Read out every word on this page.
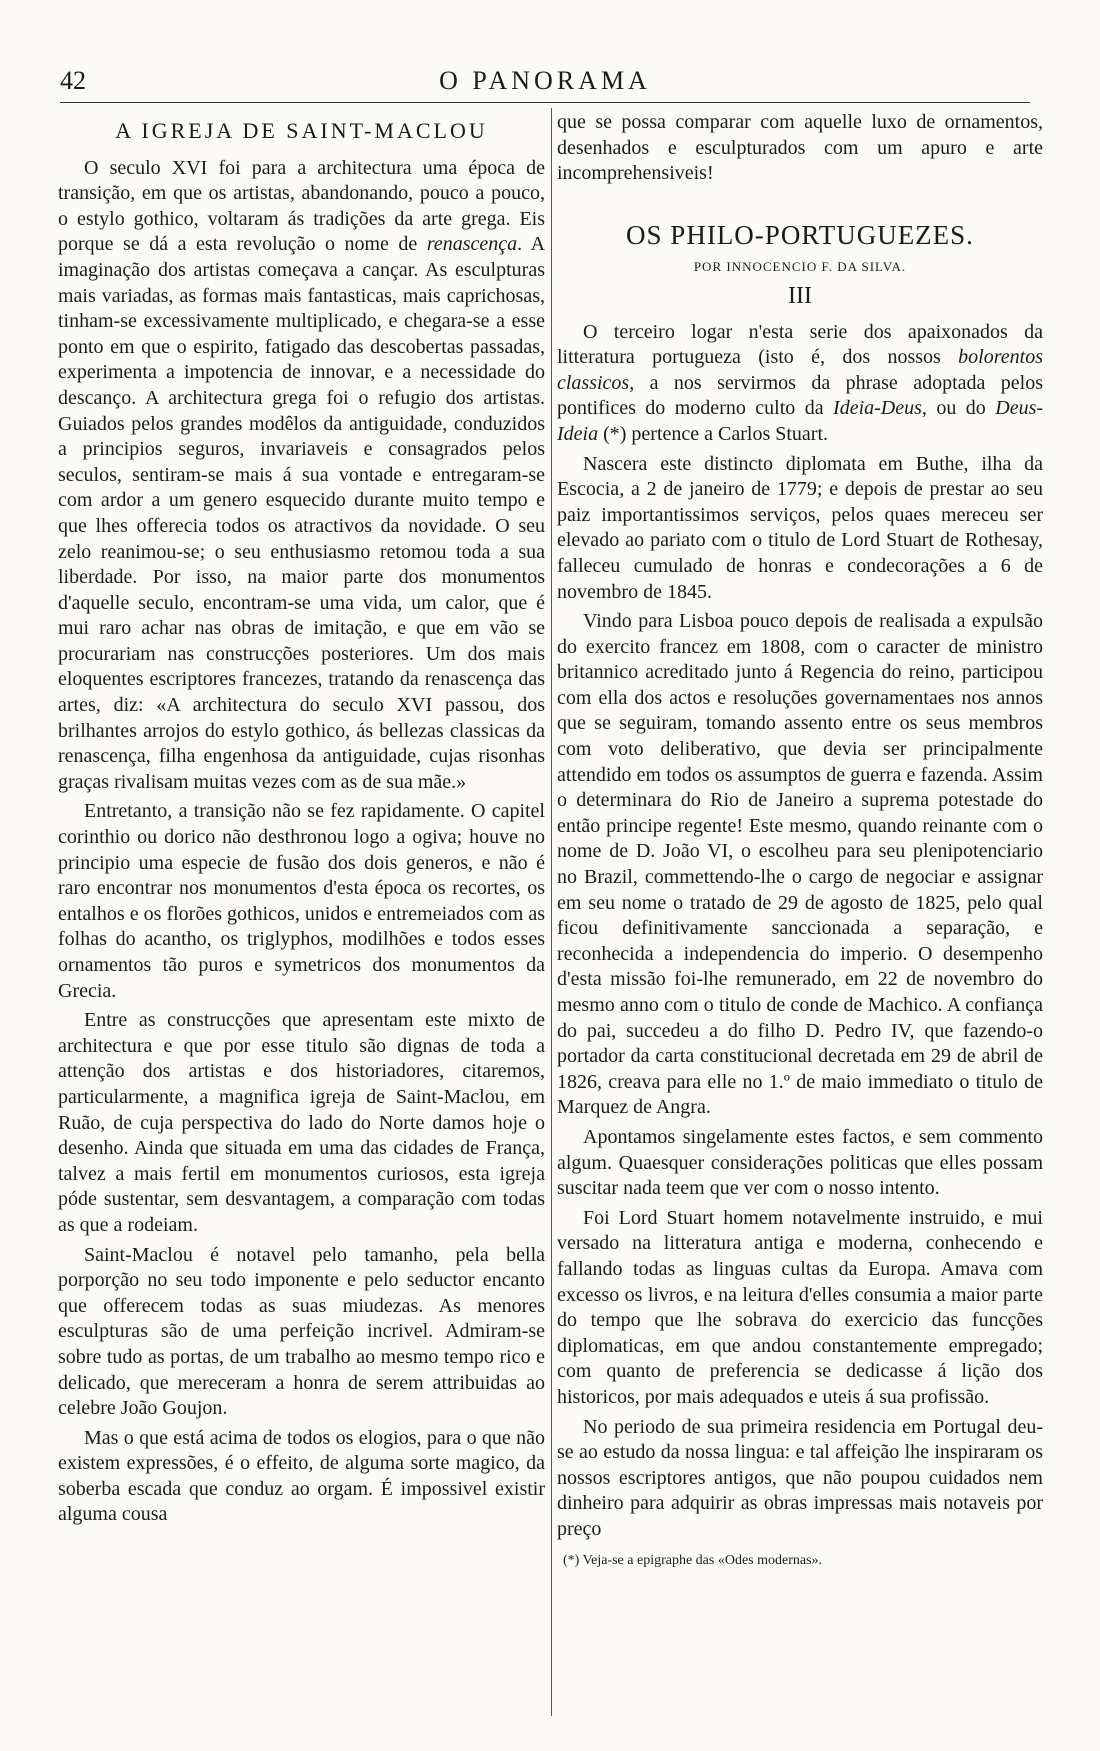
42	O PANORAMA
A IGREJA DE SAINT-MACLOU

O seculo XVI foi para a architectura uma época de transição, em que os artistas, abandonando, pouco a pouco, o estylo gothico, voltaram ás tradições da arte grega. Eis porque se dá a esta revolução o nome de renascença. A imaginação dos artistas começava a cançar. As esculpturas mais variadas, as formas mais fantasticas, mais caprichosas, tinham-se excessivamente multiplicado, e chegara-se a esse ponto em que o espirito, fatigado das descobertas passadas, experimenta a impotencia de innovar, e a necessidade do descanço. A architectura grega foi o refugio dos artistas. Guiados pelos grandes modêlos da antiguidade, conduzidos a principios seguros, invariaveis e consagrados pelos seculos, sentiram-se mais á sua vontade e entregaram-se com ardor a um genero esquecido durante muito tempo e que lhes offerecia todos os atractivos da novidade. O seu zelo reanimou-se; o seu enthusiasmo retomou toda a sua liberdade. Por isso, na maior parte dos monumentos d'aquelle seculo, encontram-se uma vida, um calor, que é mui raro achar nas obras de imitação, e que em vão se procurariam nas construcções posteriores. Um dos mais eloquentes escriptores francezes, tratando da renascença das artes, diz: «A architectura do seculo XVI passou, dos brilhantes arrojos do estylo gothico, ás bellezas classicas da renascença, filha engenhosa da antiguidade, cujas risonhas graças rivalisam muitas vezes com as de sua mãe.»

Entretanto, a transição não se fez rapidamente. O capitel corinthio ou dorico não desthronou logo a ogiva; houve no principio uma especie de fusão dos dois generos, e não é raro encontrar nos monumentos d'esta época os recortes, os entalhos e os florões gothicos, unidos e entremeiados com as folhas do acantho, os triglyphos, modilhões e todos esses ornamentos tão puros e symetricos dos monumentos da Grecia.

Entre as construcções que apresentam este mixto de architectura e que por esse titulo são dignas de toda a attenção dos artistas e dos historiadores, citaremos, particularmente, a magnifica igreja de Saint-Maclou, em Ruão, de cuja perspectiva do lado do Norte damos hoje o desenho. Ainda que situada em uma das cidades de França, talvez a mais fertil em monumentos curiosos, esta igreja póde sustentar, sem desvantagem, a comparação com todas as que a rodeiam.

Saint-Maclou é notavel pelo tamanho, pela bella porporção no seu todo imponente e pelo seductor encanto que offerecem todas as suas miudezas. As menores esculpturas são de uma perfeição incrivel. Admiram-se sobre tudo as portas, de um trabalho ao mesmo tempo rico e delicado, que mereceram a honra de serem attribuidas ao celebre João Goujon.

Mas o que está acima de todos os elogios, para o que não existem expressões, é o effeito, de alguma sorte magico, da soberba escada que conduz ao orgam. É impossivel existir alguma cousa

que se possa comparar com aquelle luxo de ornamentos, desenhados e esculpturados com um apuro e arte incomprehensiveis!

OS PHILO-PORTUGUEZES.
POR INNOCENCIO F. DA SILVA.
III

O terceiro logar n'esta serie dos apaixonados da litteratura portugueza (isto é, dos nossos bolorentos classicos, a nos servirmos da phrase adoptada pelos pontifices do moderno culto da Ideia-Deus, ou do Deus-Ideia (*) pertence a Carlos Stuart.

Nascera este distincto diplomata em Buthe, ilha da Escocia, a 2 de janeiro de 1779; e depois de prestar ao seu paiz importantissimos serviços, pelos quaes mereceu ser elevado ao pariato com o titulo de Lord Stuart de Rothesay, falleceu cumulado de honras e condecorações a 6 de novembro de 1845.

Vindo para Lisboa pouco depois de realisada a expulsão do exercito francez em 1808, com o caracter de ministro britannico acreditado junto á Regencia do reino, participou com ella dos actos e resoluções governamentaes nos annos que se seguiram, tomando assento entre os seus membros com voto deliberativo, que devia ser principalmente attendido em todos os assumptos de guerra e fazenda. Assim o determinara do Rio de Janeiro a suprema potestade do então principe regente! Este mesmo, quando reinante com o nome de D. João VI, o escolheu para seu plenipotenciario no Brazil, commettendo-lhe o cargo de negociar e assignar em seu nome o tratado de 29 de agosto de 1825, pelo qual ficou definitivamente sanccionada a separação, e reconhecida a independencia do imperio. O desempenho d'esta missão foi-lhe remunerado, em 22 de novembro do mesmo anno com o titulo de conde de Machico. A confiança do pai, succedeu a do filho D. Pedro IV, que fazendo-o portador da carta constitucional decretada em 29 de abril de 1826, creava para elle no 1.º de maio immediato o titulo de Marquez de Angra.

Apontamos singelamente estes factos, e sem commento algum. Quaesquer considerações politicas que elles possam suscitar nada teem que ver com o nosso intento.

Foi Lord Stuart homem notavelmente instruido, e mui versado na litteratura antiga e moderna, conhecendo e fallando todas as linguas cultas da Europa. Amava com excesso os livros, e na leitura d'elles consumia a maior parte do tempo que lhe sobrava do exercicio das funcções diplomaticas, em que andou constantemente empregado; com quanto de preferencia se dedicasse á lição dos historicos, por mais adequados e uteis á sua profissão.

No periodo de sua primeira residencia em Portugal deu-se ao estudo da nossa lingua: e tal affeição lhe inspiraram os nossos escriptores antigos, que não poupou cuidados nem dinheiro para adquirir as obras impressas mais notaveis por preço

(*) Veja-se a epigraphe das «Odes modernas».
